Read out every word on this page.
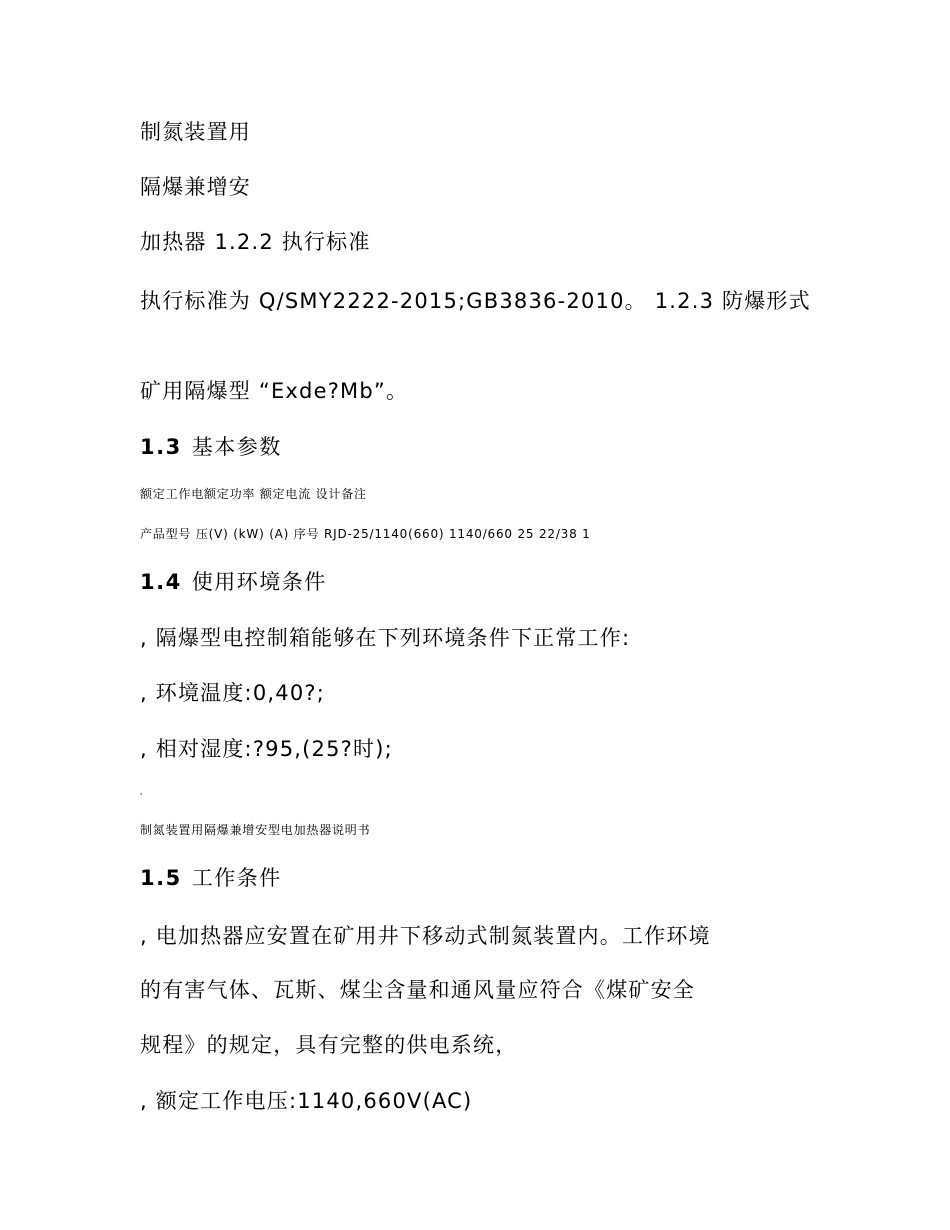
制氮装置用
隔爆兼增安
加热器 1.2.2 执行标准
执行标准为 Q/SMY2222-2015;GB3836-2010。 1.2.3 防爆形式
矿用隔爆型 “Exde?Mb”。
1.3 基本参数
额定工作电额定功率 额定电流 设计备注
产品型号 压(V) (kW) (A) 序号 RJD-25/1140(660) 1140/660 25 22/38 1
1.4 使用环境条件
, 隔爆型电控制箱能够在下列环境条件下正常工作:
, 环境温度:0,40?;
, 相对湿度:?95,(25?时);
'
制氮装置用隔爆兼增安型电加热器说明书
1.5 工作条件
, 电加热器应安置在矿用井下移动式制氮装置内。工作环境
的有害气体、瓦斯、煤尘含量和通风量应符合《煤矿安全
规程》的规定，具有完整的供电系统，
, 额定工作电压:1140,660V(AC)
